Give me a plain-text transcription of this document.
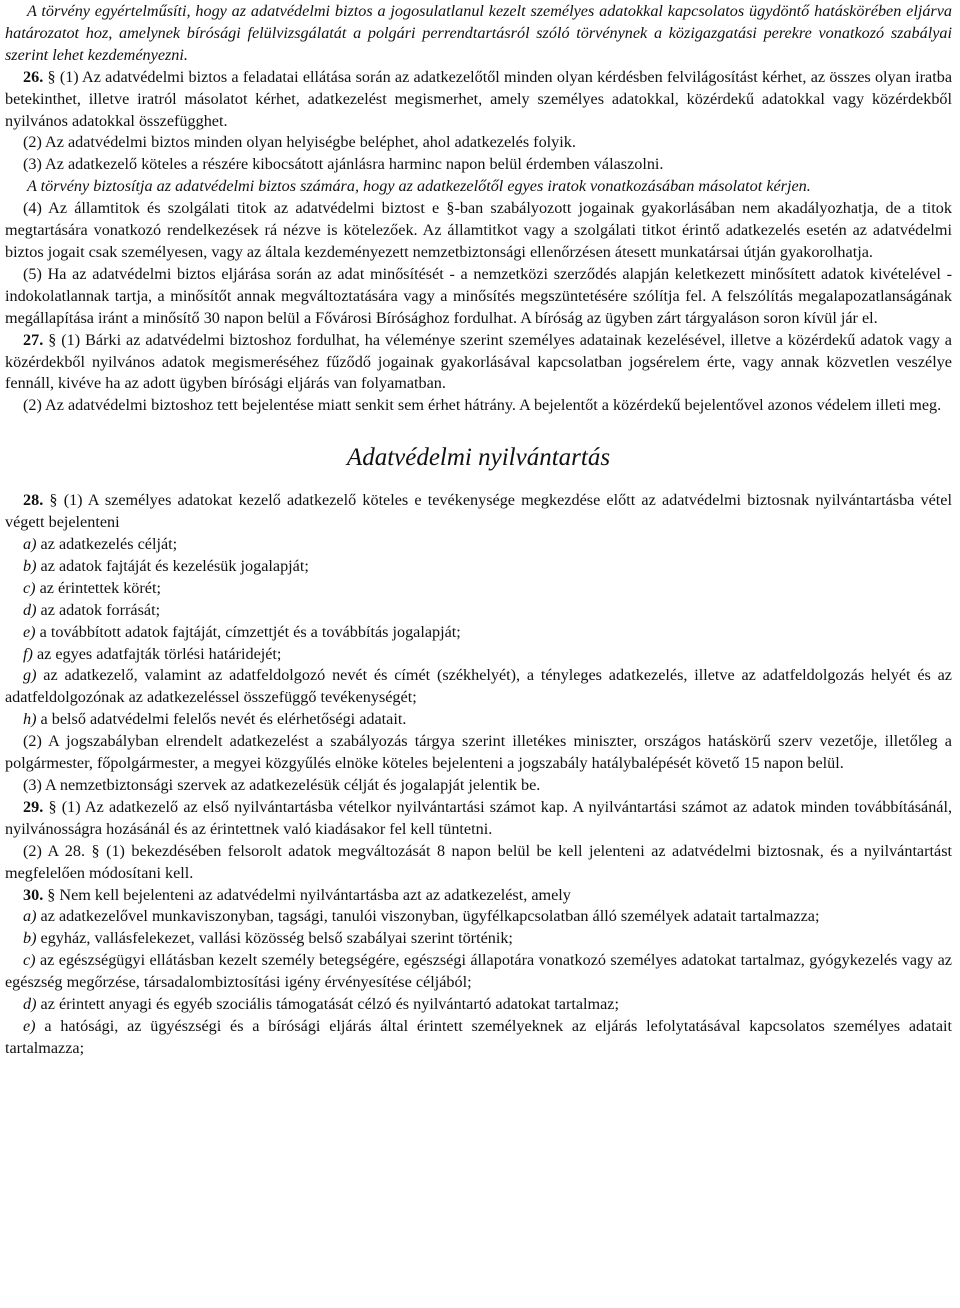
A törvény egyértelműsíti, hogy az adatvédelmi biztos a jogosulatlanul kezelt személyes adatokkal kapcsolatos ügydöntő hatáskörében eljárva határozatot hoz, amelynek bírósági felülvizsgálatát a polgári perrendtartásról szóló törvénynek a közigazgatási perekre vonatkozó szabályai szerint lehet kezdeményezni.

26. § (1) Az adatvédelmi biztos a feladatai ellátása során az adatkezelőtől minden olyan kérdésben felvilágosítást kérhet, az összes olyan iratba betekinthet, illetve iratról másolatot kérhet, adatkezelést megismerhet, amely személyes adatokkal, közérdekű adatokkal vagy közérdekből nyilvános adatokkal összefügghet.

(2) Az adatvédelmi biztos minden olyan helyiségbe beléphet, ahol adatkezelés folyik.

(3) Az adatkezelő köteles a részére kibocsátott ajánlásra harminc napon belül érdemben válaszolni.

A törvény biztosítja az adatvédelmi biztos számára, hogy az adatkezelőtől egyes iratok vonatkozásában másolatot kérjen.

(4) Az államtitok és szolgálati titok az adatvédelmi biztost e §-ban szabályozott jogainak gyakorlásában nem akadályozhatja, de a titok megtartására vonatkozó rendelkezések rá nézve is kötelezőek. Az államtitkot vagy a szolgálati titkot érintő adatkezelés esetén az adatvédelmi biztos jogait csak személyesen, vagy az általa kezdeményezett nemzetbiztonsági ellenőrzésen átesett munkatársai útján gyakorolhatja.

(5) Ha az adatvédelmi biztos eljárása során az adat minősítését - a nemzetközi szerződés alapján keletkezett minősített adatok kivételével - indokolatlannak tartja, a minősítőt annak megváltoztatására vagy a minősítés megszüntetésére szólítja fel. A felszólítás megalapozatlanságának megállapítása iránt a minősítő 30 napon belül a Fővárosi Bírósághoz fordulhat. A bíróság az ügyben zárt tárgyaláson soron kívül jár el.

27. § (1) Bárki az adatvédelmi biztoshoz fordulhat, ha véleménye szerint személyes adatainak kezelésével, illetve a közérdekű adatok vagy a közérdekből nyilvános adatok megismeréséhez fűződő jogainak gyakorlásával kapcsolatban jogsérelem érte, vagy annak közvetlen veszélye fennáll, kivéve ha az adott ügyben bírósági eljárás van folyamatban.

(2) Az adatvédelmi biztoshoz tett bejelentése miatt senkit sem érhet hátrány. A bejelentőt a közérdekű bejelentővel azonos védelem illeti meg.

Adatvédelmi nyilvántartás

28. § (1) A személyes adatokat kezelő adatkezelő köteles e tevékenysége megkezdése előtt az adatvédelmi biztosnak nyilvántartásba vétel végett bejelenteni

a) az adatkezelés célját;

b) az adatok fajtáját és kezelésük jogalapját;

c) az érintettek körét;

d) az adatok forrását;

e) a továbbított adatok fajtáját, címzettjét és a továbbítás jogalapját;

f) az egyes adatfajták törlési határidejét;

g) az adatkezelő, valamint az adatfeldolgozó nevét és címét (székhelyét), a tényleges adatkezelés, illetve az adatfeldolgozás helyét és az adatfeldolgozónak az adatkezeléssel összefüggő tevékenységét;

h) a belső adatvédelmi felelős nevét és elérhetőségi adatait.

(2) A jogszabályban elrendelt adatkezelést a szabályozás tárgya szerint illetékes miniszter, országos hatáskörű szerv vezetője, illetőleg a polgármester, főpolgármester, a megyei közgyűlés elnöke köteles bejelenteni a jogszabály hatálybalépését követő 15 napon belül.

(3) A nemzetbiztonsági szervek az adatkezelésük célját és jogalapját jelentik be.

29. § (1) Az adatkezelő az első nyilvántartásba vételkor nyilvántartási számot kap. A nyilvántartási számot az adatok minden továbbításánál, nyilvánosságra hozásánál és az érintettnek való kiadásakor fel kell tüntetni.

(2) A 28. § (1) bekezdésében felsorolt adatok megváltozását 8 napon belül be kell jelenteni az adatvédelmi biztosnak, és a nyilvántartást megfelelően módosítani kell.

30. § Nem kell bejelenteni az adatvédelmi nyilvántartásba azt az adatkezelést, amely

a) az adatkezelővel munkaviszonyban, tagsági, tanulói viszonyban, ügyfélkapcsolatban álló személyek adatait tartalmazza;

b) egyház, vallásfelekezet, vallási közösség belső szabályai szerint történik;

c) az egészségügyi ellátásban kezelt személy betegségére, egészségi állapotára vonatkozó személyes adatokat tartalmaz, gyógykezelés vagy az egészség megőrzése, társadalombiztosítási igény érvényesítése céljából;

d) az érintett anyagi és egyéb szociális támogatását célzó és nyilvántartó adatokat tartalmaz;

e) a hatósági, az ügyészségi és a bírósági eljárás által érintett személyeknek az eljárás lefolytatásával kapcsolatos személyes adatait tartalmazza;
